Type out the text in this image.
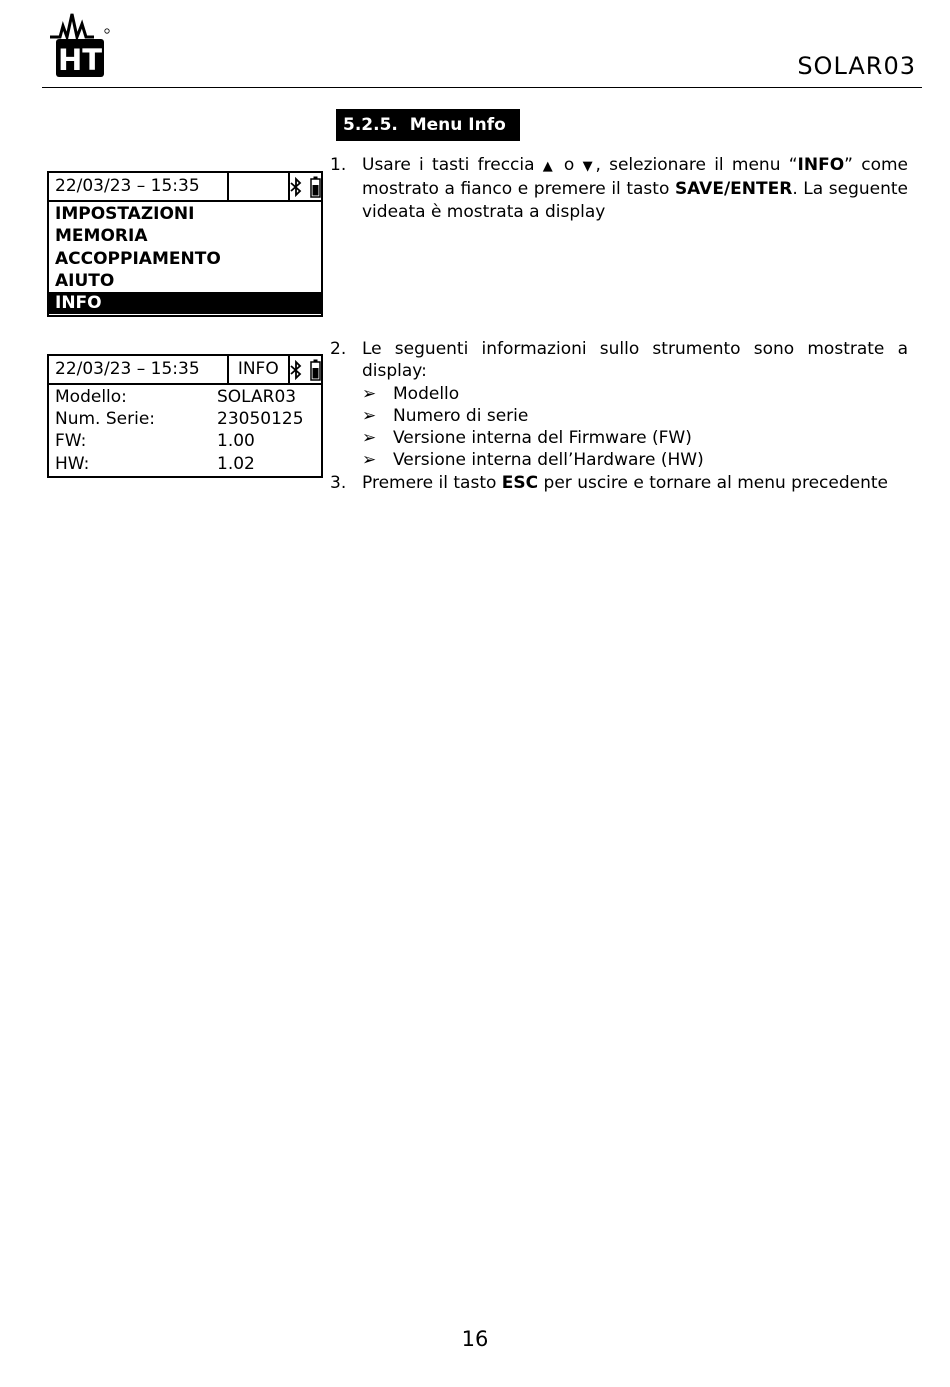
HT	SOLAR03
5.2.5. Menu Info
22/03/23 – 15:35
IMPOSTAZIONI
MEMORIA
ACCOPPIAMENTO
AIUTO
INFO
22/03/23 – 15:35	INFO
Modello:	SOLAR03
Num. Serie:	23050125
FW:	1.00
HW:	1.02
1. Usare i tasti freccia ▲ o ▼, selezionare il menu “INFO” come mostrato a fianco e premere il tasto SAVE/ENTER. La seguente videata è mostrata a display
2. Le seguenti informazioni sullo strumento sono mostrate a display:
➢ Modello
➢ Numero di serie
➢ Versione interna del Firmware (FW)
➢ Versione interna dell’Hardware (HW)
3. Premere il tasto ESC per uscire e tornare al menu precedente
16
